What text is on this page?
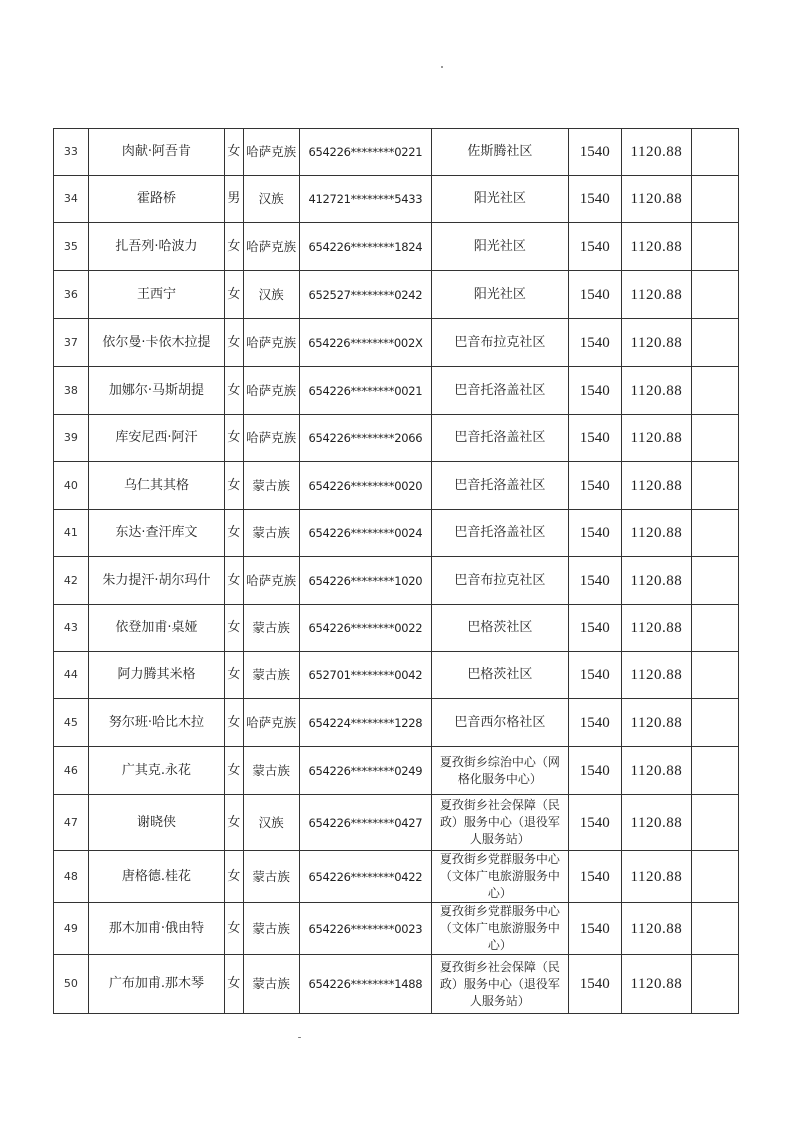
33	肉献·阿吾肯	女	哈萨克族	654226********0221	佐斯腾社区	1540	1120.88	
34	霍路桥	男	汉族	412721********5433	阳光社区	1540	1120.88	
35	扎吾列·哈波力	女	哈萨克族	654226********1824	阳光社区	1540	1120.88	
36	王西宁	女	汉族	652527********0242	阳光社区	1540	1120.88	
37	依尔曼·卡依木拉提	女	哈萨克族	654226********002X	巴音布拉克社区	1540	1120.88	
38	加娜尔·马斯胡提	女	哈萨克族	654226********0021	巴音托洛盖社区	1540	1120.88	
39	库安尼西·阿汗	女	哈萨克族	654226********2066	巴音托洛盖社区	1540	1120.88	
40	乌仁其其格	女	蒙古族	654226********0020	巴音托洛盖社区	1540	1120.88	
41	东达·查汗库文	女	蒙古族	654226********0024	巴音托洛盖社区	1540	1120.88	
42	朱力提汗·胡尔玛什	女	哈萨克族	654226********1020	巴音布拉克社区	1540	1120.88	
43	依登加甫·桌娅	女	蒙古族	654226********0022	巴格茨社区	1540	1120.88	
44	阿力腾其米格	女	蒙古族	652701********0042	巴格茨社区	1540	1120.88	
45	努尔班·哈比木拉	女	哈萨克族	654224********1228	巴音西尔格社区	1540	1120.88	
46	广其克.永花	女	蒙古族	654226********0249	夏孜街乡综治中心（网格化服务中心）	1540	1120.88	
47	谢晓侠	女	汉族	654226********0427	夏孜街乡社会保障（民政）服务中心（退役军人服务站）	1540	1120.88	
48	唐格德.桂花	女	蒙古族	654226********0422	夏孜街乡党群服务中心（文体广电旅游服务中心）	1540	1120.88	
49	那木加甫·俄由特	女	蒙古族	654226********0023	夏孜街乡党群服务中心（文体广电旅游服务中心）	1540	1120.88	
50	广布加甫.那木琴	女	蒙古族	654226********1488	夏孜街乡社会保障（民政）服务中心（退役军人服务站）	1540	1120.88	
